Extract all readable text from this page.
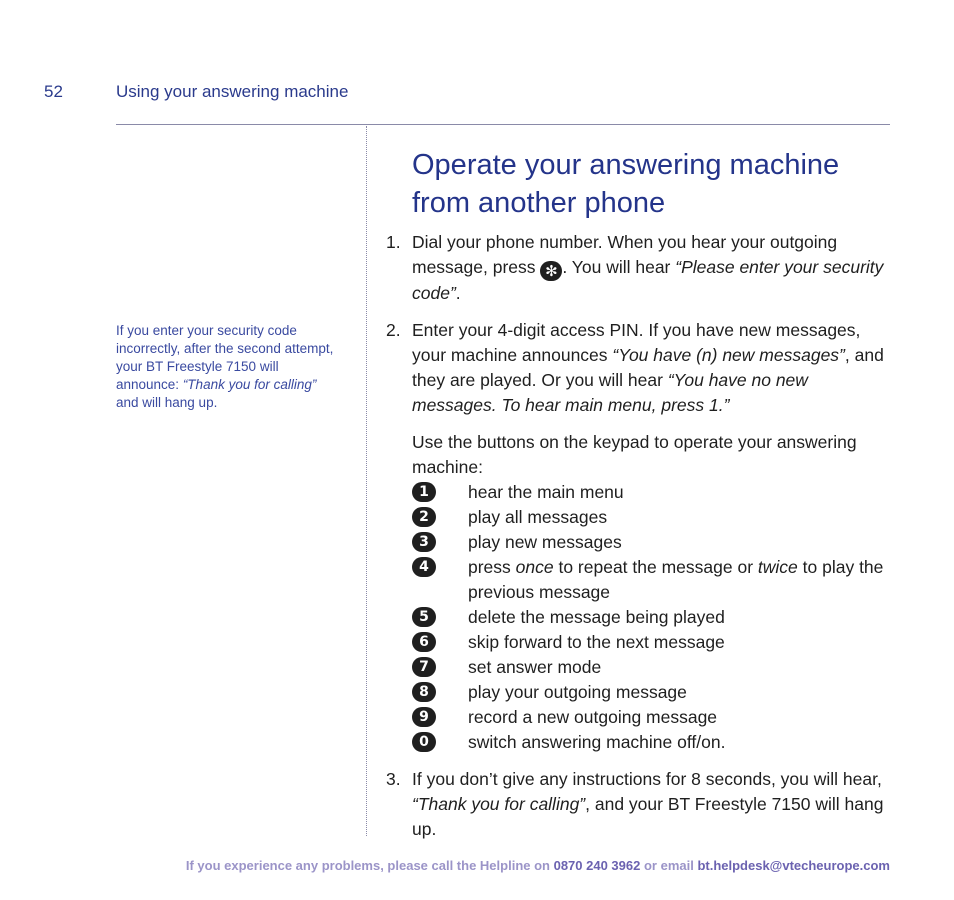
52	Using your answering machine
If you enter your security code incorrectly, after the second attempt, your BT Freestyle 7150 will announce: “Thank you for calling” and will hang up.
Operate your answering machine from another phone
1. Dial your phone number. When you hear your outgoing message, press ✻ . You will hear “Please enter your security code”.

2. Enter your 4-digit access PIN. If you have new messages, your machine announces “You have (n) new messages”, and they are played. Or you will hear “You have no new messages. To hear main menu, press 1.”

Use the buttons on the keypad to operate your answering machine:

1	hear the main menu
2	play all messages
3	play new messages
4	press once to repeat the message or twice to play the previous message
5	delete the message being played
6	skip forward to the next message
7	set answer mode
8	play your outgoing message
9	record a new outgoing message
0	switch answering machine off/on.
3. If you don’t give any instructions for 8 seconds, you will hear, “Thank you for calling”, and your BT Freestyle 7150 will hang up.

If you experience any problems, please call the Helpline on 0870 240 3962 or email bt.helpdesk@vtecheurope.com
